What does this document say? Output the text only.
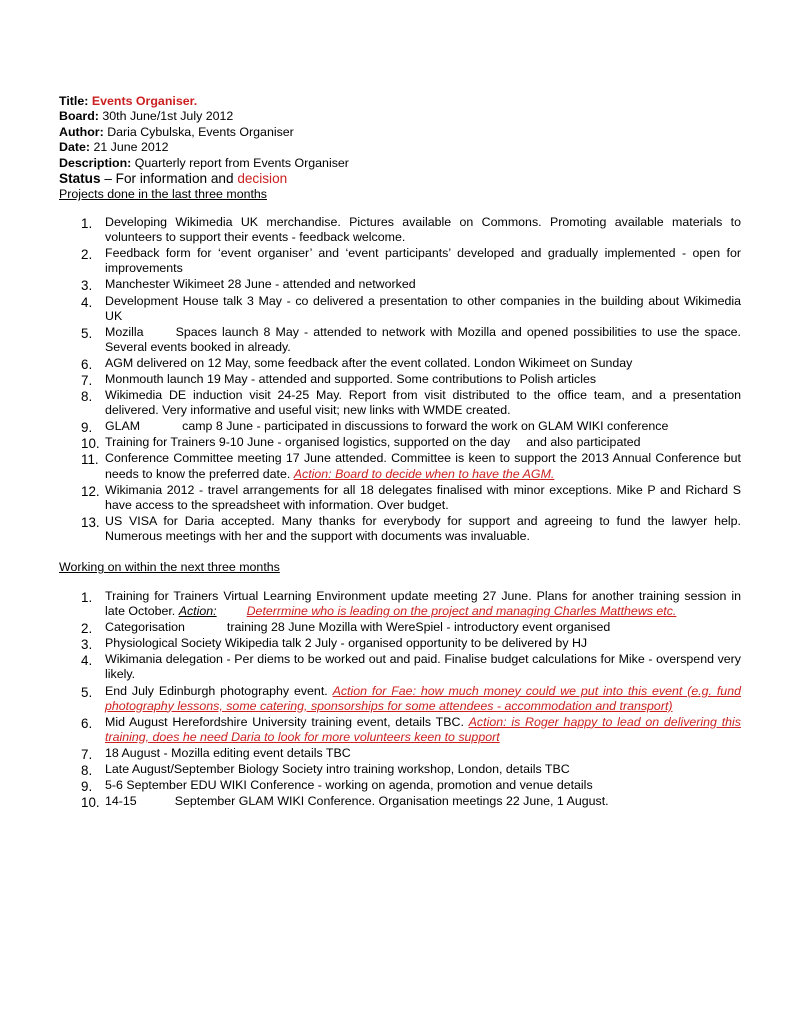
Title: Events Organiser.
Board: 30th June/1st July 2012
Author: Daria Cybulska, Events Organiser
Date: 21 June 2012
Description: Quarterly report from Events Organiser
Status – For information and decision
Projects done in the last three months
1. Developing Wikimedia UK merchandise. Pictures available on Commons. Promoting available materials to volunteers to support their events - feedback welcome.
2. Feedback form for ‘event organiser’ and ‘event participants’ developed and gradually implemented - open for improvements
3. Manchester Wikimeet 28 June - attended and networked
4. Development House talk 3 May - co delivered a presentation to other companies in the building about Wikimedia UK
5. Mozilla	Spaces launch 8 May - attended to network with Mozilla and opened possibilities to use the space. Several events booked in already.
6. AGM delivered on 12 May, some feedback after the event collated. London Wikimeet on Sunday
7. Monmouth launch 19 May - attended and supported. Some contributions to Polish articles
8. Wikimedia DE induction visit 24-25 May. Report from visit distributed to the office team, and a presentation delivered. Very informative and useful visit; new links with WMDE created.
9. GLAM	camp 8 June - participated in discussions to forward the work on GLAM WIKI conference
10. Training for Trainers 9-10 June - organised logistics, supported on the day and also participated
11. Conference Committee meeting 17 June attended. Committee is keen to support the 2013 Annual Conference but needs to know the preferred date. Action: Board to decide when to have the AGM.
12. Wikimania 2012 - travel arrangements for all 18 delegates finalised with minor exceptions. Mike P and Richard S have access to the spreadsheet with information. Over budget.
13. US VISA for Daria accepted. Many thanks for everybody for support and agreeing to fund the lawyer help. Numerous meetings with her and the support with documents was invaluable.
Working on within the next three months
1. Training for Trainers Virtual Learning Environment update meeting 27 June. Plans for another training session in late October. Action: Deterrmine who is leading on the project and managing Charles Matthews etc.
2. Categorisation	training 28 June Mozilla with WereSpiel - introductory event organised
3. Physiological Society Wikipedia talk 2 July - organised opportunity to be delivered by HJ
4. Wikimania delegation - Per diems to be worked out and paid. Finalise budget calculations for Mike - overspend very likely.
5. End July Edinburgh photography event. Action for Fae: how much money could we put into this event (e.g. fund photography lessons, some catering, sponsorships for some attendees - accommodation and transport)
6. Mid August Herefordshire University training event, details TBC. Action: is Roger happy to lead on delivering this training, does he need Daria to look for more volunteers keen to support
7. 18 August - Mozilla editing event details TBC
8. Late August/September Biology Society intro training workshop, London, details TBC
9. 5-6 September EDU WIKI Conference - working on agenda, promotion and venue details
10. 14-15	September GLAM WIKI Conference. Organisation meetings 22 June, 1 August.
